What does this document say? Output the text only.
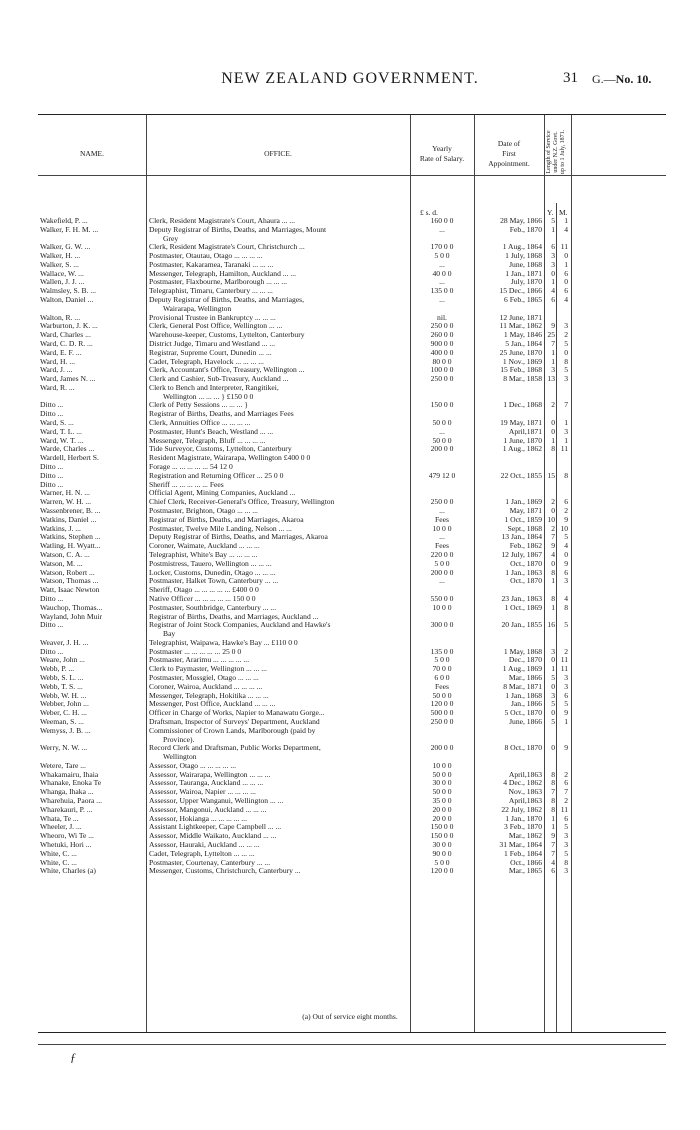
NEW ZEALAND GOVERNMENT.	31 G.—No. 10.
NAME.	OFFICE.
Yearly
Rate of Salary.
Date of
First
Appointment.	Length of Service under N.Z. Govt. up to 1 July, 1871.
£ s. d.	Y. M.
Wakefield, P. ...	Clerk, Resident Magistrate's Court, Ahaura ... ...	160 0 0	28 May, 1866	5	1
Walker, F. H. M. ...	Deputy Registrar of Births, Deaths, and Marriages, Mount
Grey
...	Feb., 1870	1	4
Walker, G. W. ...	Clerk, Resident Magistrate's Court, Christchurch ...	170 0 0	1 Aug., 1864	6 11
Walker, H. ...	Postmaster, Otautau, Otago ... ... ... ...	5 0 0	1 July, 1868	3	0
Walker, S. ...	Postmaster, Kakaramea, Taranaki ... ... ...	...	June, 1868	3	1
Wallace, W. ...	Messenger, Telegraph, Hamilton, Auckland ... ...	40 0 0	1 Jan., 1871	0	6
Wallen, J. J. ...	Postmaster, Flaxbourne, Marlborough ... ... ...	...	July, 1870	1	0
Walmsley, S. B. ...	Telegraphist, Timaru, Canterbury ... ... ...	135 0 0	15 Dec., 1866	4	6
Walton, Daniel ...	Deputy Registrar of Births, Deaths, and Marriages,
Wairarapa, Wellington
...	6 Feb., 1865	6	4
Walton, R. ...	Provisional Trustee in Bankruptcy ... ... ...	nil.	12 June, 1871
Warburton, J. K. ...	Clerk, General Post Office, Wellington ... ...	250 0 0	11 Mar., 1862	9	3
Ward, Charles ...	Warehouse-keeper, Customs, Lyttelton, Canterbury	260 0 0	1 May, 1846 25	2
Ward, C. D. R. ...	District Judge, Timaru and Westland ... ...	900 0 0	5 Jan., 1864	7	5
Ward, E. F. ...	Registrar, Supreme Court, Dunedin ... ...	400 0 0	25 June, 1870	1	0
Ward, H. ...	Cadet, Telegraph, Havelock ... ... ... ...	80 0 0	1 Nov., 1869	1	8
Ward, J. ...	Clerk, Accountant's Office, Treasury, Wellington ...	100 0 0	15 Feb., 1868	3	5
Ward, James N. ...	Clerk and Cashier, Sub-Treasury, Auckland ...	250 0 0	8 Mar., 1858 13	3
Ward, R. ...	Clerk to Bench and Interpreter, Rangitikei,
Wellington ... ... ... } £150 0 0
Ditto ...	Clerk of Petty Sessions ... ... ... }	150 0 0	1 Dec., 1868	2	7
Ditto ...	Registrar of Births, Deaths, and Marriages Fees
Ward, S. ...	Clerk, Annuities Office ... ... ... ...	50 0 0	19 May, 1871	0	1
Ward, T. L. ...	Postmaster, Hunt's Beach, Westland ... ...	...	April,1871	0	3
Ward, W. T. ...	Messenger, Telegraph, Bluff ... ... ... ...	50 0 0	1 June, 1870	1	1
Warde, Charles ...	Tide Surveyor, Customs, Lyttelton, Canterbury	200 0 0	1 Aug., 1862	8 11
Wardell, Herbert S.	Resident Magistrate, Wairarapa, Wellington £400 0 0
Ditto ...	Forage ... ... ... ... ... 54 12 0
Ditto ...	Registration and Returning Officer ... 25 0 0	479 12 0	22 Oct., 1855 15	8
Ditto ...	Sheriff ... ... ... ... ... Fees
Warner, H. N. ...	Official Agent, Mining Companies, Auckland ...
Warren, W. H. ...	Chief Clerk, Receiver-General's Office, Treasury, Wellington	250 0 0	1 Jan., 1869	2	6
Wassenbrener, B. ...	Postmaster, Brighton, Otago ... ... ...	...	May, 1871	0	2
Watkins, Daniel ...	Registrar of Births, Deaths, and Marriages, Akaroa	Fees	1 Oct., 1859 10	9
Watkins, J. ...	Postmaster, Twelve Mile Landing, Nelson ... ...	10 0 0	Sept., 1868	2 10
Watkins, Stephen ...	Deputy Registrar of Births, Deaths, and Marriages, Akaroa	...	13 Jan., 1864	7	5
Watling, H. Wyatt...	Coroner, Waimate, Auckland ... ... ...	Fees	Feb., 1862	9	4
Watson, C. A. ...	Telegraphist, White's Bay ... ... ... ...	220 0 0	12 July, 1867	4	0
Watson, M. ...	Postmistress, Tauero, Wellington ... ... ...	5 0 0	Oct., 1870	0	9
Watson, Robert ...	Locker, Customs, Dunedin, Otago ... ... ...	200 0 0	1 Jan., 1863	8	6
Watson, Thomas ...	Postmaster, Halket Town, Canterbury ... ...	...	Oct., 1870	1	3
Watt, Isaac Newton	Sheriff, Otago ... ... ... ... ... £400 0 0
Ditto ...	Native Officer ... ... ... ... ... 150 0 0	550 0 0	23 Jan., 1863	8	4
Wauchop, Thomas...	Postmaster, Southbridge, Canterbury ... ...	10 0 0	1 Oct., 1869	1	8
Wayland, John Muir	Registrar of Births, Deaths, and Marriages, Auckland ...
Ditto ...	Registrar of Joint Stock Companies, Auckland and Hawke's
Bay
300 0 0	20 Jan., 1855 16	5
Weaver, J. H. ...	Telegraphist, Waipawa, Hawke's Bay ... £110 0 0
Ditto ...	Postmaster ... ... ... ... ... 25 0 0	135 0 0	1 May, 1868	3	2
Weare, John ...	Postmaster, Ararimu ... ... ... ... ...	5 0 0	Dec., 1870	0 11
Webb, P. ...	Clerk to Paymaster, Wellington ... ... ...	70 0 0	1 Aug., 1869	1 11
Webb, S. L. ...	Postmaster, Mossgiel, Otago ... ... ...	6 0 0	Mar., 1866	5	3
Webb, T. S. ...	Coroner, Wairoa, Auckland ... ... ... ...	Fees	8 Mar., 1871	0	3
Webb, W. H. ...	Messenger, Telegraph, Hokitika ... ... ...	50 0 0	1 Jan., 1868	3	6
Webber, John ...	Messenger, Post Office, Auckland ... ... ...	120 0 0	Jan., 1866	5	5
Weber, C. H. ...	Officer in Charge of Works, Napier to Manawatu Gorge...	500 0 0	5 Oct., 1870	0	9
Weeman, S. ...	Draftsman, Inspector of Surveys' Department, Auckland	250 0 0	June, 1866	5	1
Wemyss, J. B. ...	Commissioner of Crown Lands, Marlborough (paid by
Province).
Werry, N. W. ...	Record Clerk and Draftsman, Public Works Department,
Wellington
200 0 0	8 Oct., 1870	0	9
Wetere, Tare ...	Assessor, Otago ... ... ... ... ...	10 0 0
Whakamairu, Ihaia	Assessor, Wairarapa, Wellington ... ... ...	50 0 0	April,1863	8	2
Whanake, Enoka Te	Assessor, Tauranga, Auckland ... ... ...	30 0 0	4 Dec., 1862	8	6
Whanga, Ihaka ...	Assessor, Wairoa, Napier ... ... ... ...	50 0 0	Nov., 1863	7	7
Wharehuia, Paora ...	Assessor, Upper Wanganui, Wellington ... ...	35 0 0	April,1863	8	2
Wharekauri, P. ...	Assessor, Mangonui, Auckland ... ... ...	20 0 0	22 July, 1862	8 11
Whata, Te ...	Assessor, Hokianga ... ... ... ... ...	20 0 0	1 Jan., 1870	1	6
Wheeler, J. ...	Assistant Lightkeeper, Cape Campbell ... ...	150 0 0	3 Feb., 1870	1	5
Wheoro, Wi Te ...	Assessor, Middle Waikato, Auckland ... ...	150 0 0	Mar., 1862	9	3
Whetuki, Hori ...	Assessor, Hauraki, Auckland ... ... ...	30 0 0	31 Mar., 1864	7	3
White, C. ...	Cadet, Telegraph, Lyttelton ... ... ...	90 0 0	1 Feb., 1864	7	5
White, C. ...	Postmaster, Courtenay, Canterbury ... ...	5 0 0	Oct., 1866	4	8
White, Charles (a)	Messenger, Customs, Christchurch, Canterbury ...	120 0 0	Mar., 1865	6	3
(a) Out of service eight months.
ƒ
